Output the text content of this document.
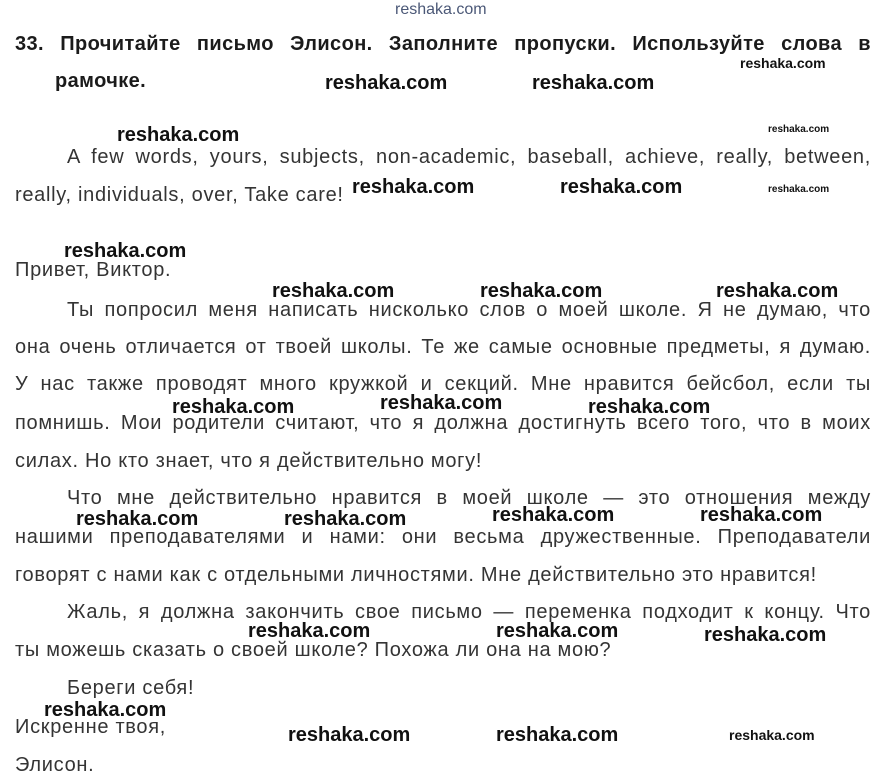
33. Прочитайте письмо Элисон. Заполните пропуски. Используйте слова в
рамочке.
A few words, yours, subjects, non-academic, baseball, achieve, really, between,
really, individuals, over, Take care!
Привет, Виктор.
Ты попросил меня написать нисколько слов о моей школе. Я не думаю, что
она очень отличается от твоей школы. Те же самые основные предметы, я думаю.
У нас также проводят много кружкой и секций. Мне нравится бейсбол, если ты
помнишь. Мои родители считают, что я должна достигнуть всего того, что в моих
силах. Но кто знает, что я действительно могу!
Что мне действительно нравится в моей школе — это отношения между
нашими преподавателями и нами: они весьма дружественные. Преподаватели
говорят с нами как с отдельными личностями. Мне действительно это нравится!
Жаль, я должна закончить свое письмо — переменка подходит к концу. Что
ты можешь сказать о своей школе? Похожа ли она на мою?
Береги себя!
Искренне твоя,
Элисон.
reshaka.com
reshaka.com	reshaka.com
reshaka.com
reshaka.com	reshaka.com
reshaka.com	reshaka.com	reshaka.com
reshaka.com
reshaka.com	reshaka.com	reshaka.com
reshaka.com	reshaka.com	reshaka.com
reshaka.com	reshaka.com	reshaka.com	reshaka.com
reshaka.com	reshaka.com	reshaka.com
reshaka.com
reshaka.com	reshaka.com	reshaka.com
